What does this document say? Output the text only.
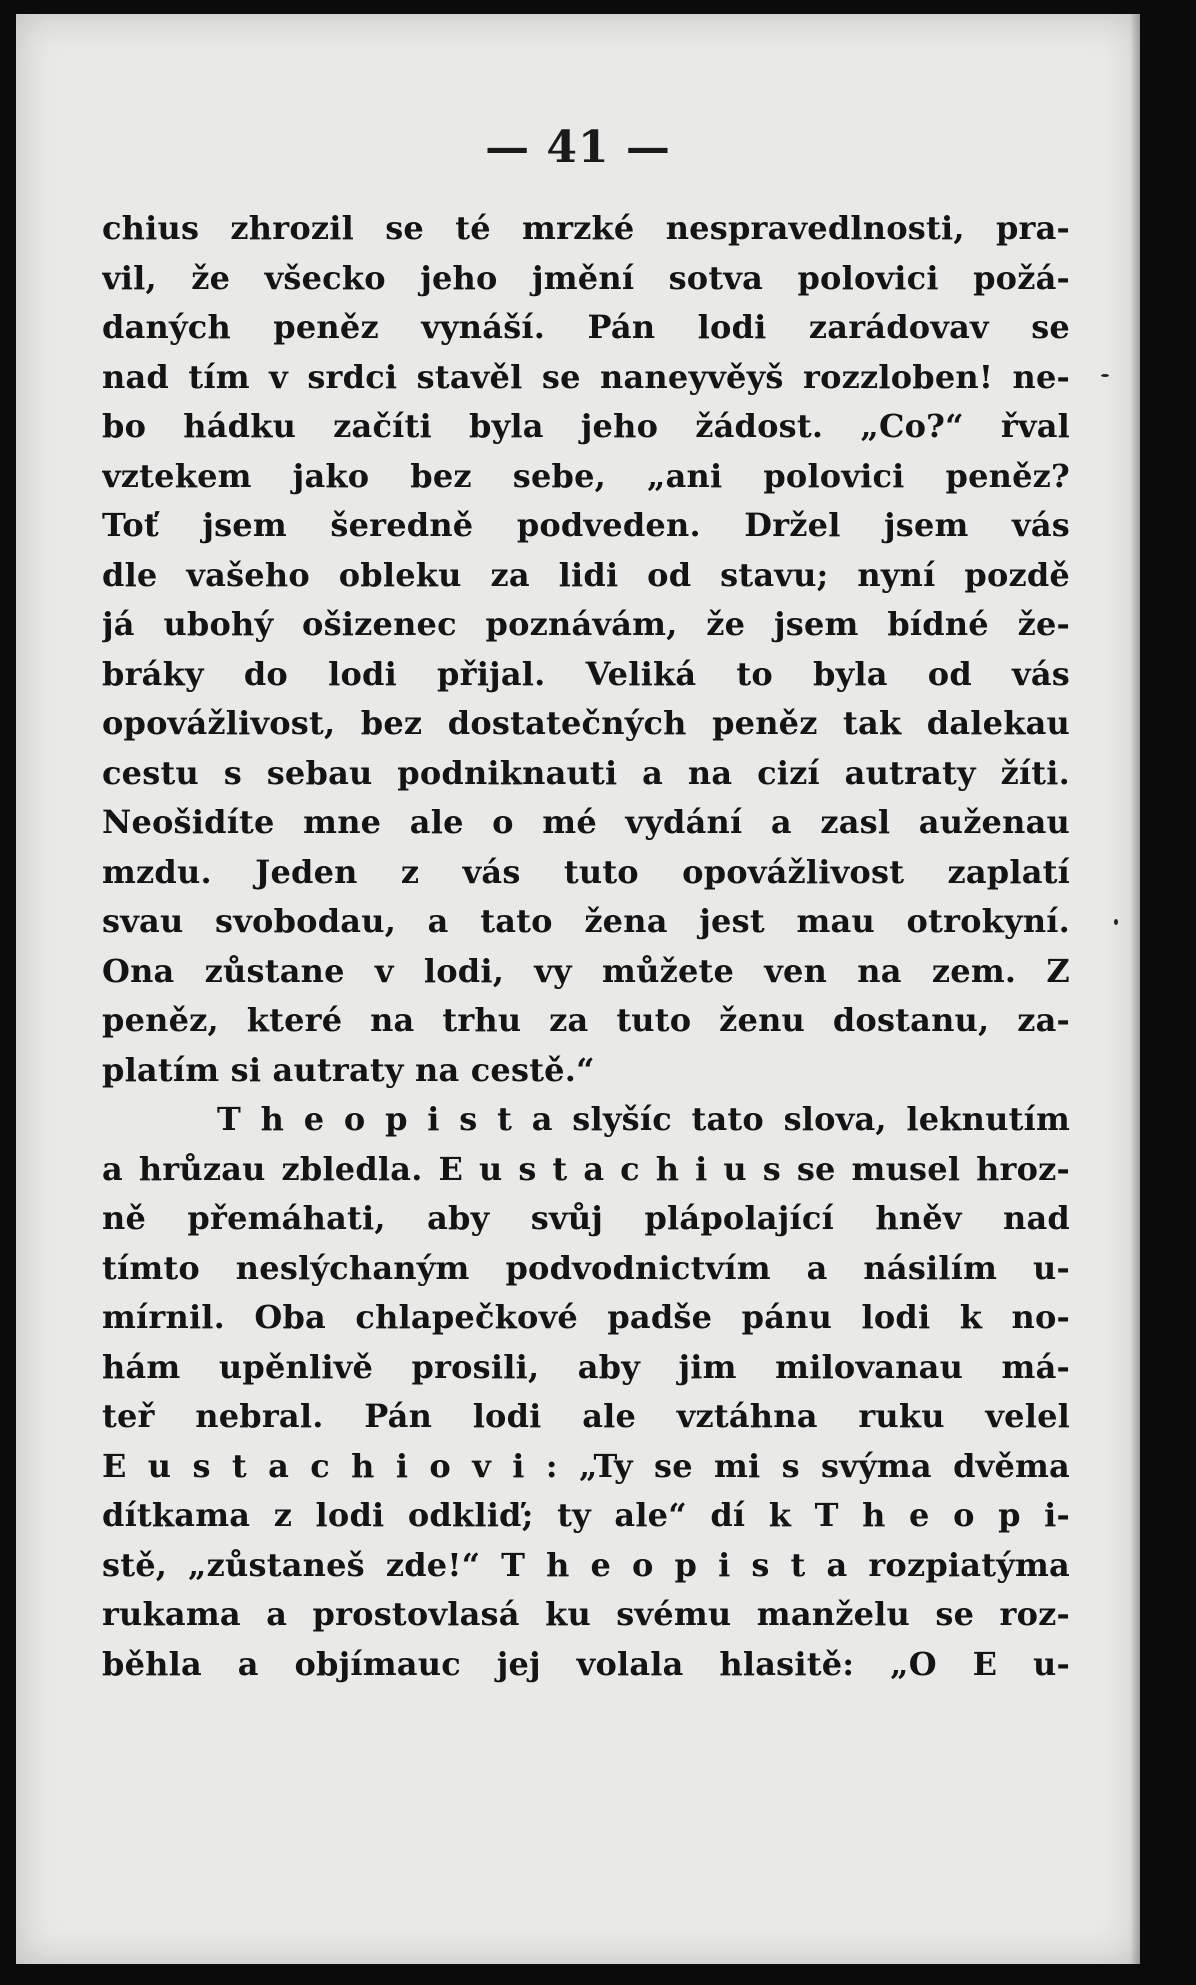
— 41 —
chius zhrozil se té mrzké nespravedlnosti, pra-
vil, že všecko jeho jmění sotva polovici požá-
daných peněz vynáší. Pán lodi zarádovav se
nad tím v srdci stavěl se naneyvěyš rozzloben! ne-
bo hádku začíti byla jeho žádost. „Co?“ řval
vztekem jako bez sebe, „ani polovici peněz?
Toť jsem šeredně podveden. Držel jsem vás
dle vašeho obleku za lidi od stavu; nyní pozdě
já ubohý ošizenec poznávám, že jsem bídné že-
bráky do lodi přijal. Veliká to byla od vás
opovážlivost, bez dostatečných peněz tak dalekau
cestu s sebau podniknauti a na cizí autraty žíti.
Neošidíte mne ale o mé vydání a zasl auženau
mzdu. Jeden z vás tuto opovážlivost zaplatí
svau svobodau, a tato žena jest mau otrokyní.
Ona zůstane v lodi, vy můžete ven na zem. Z
peněz, které na trhu za tuto ženu dostanu, za-
platím si autraty na cestě.“
T h e o p i s t a slyšíc tato slova, leknutím
a hrůzau zbledla. E u s t a c h i u s se musel hroz-
ně přemáhati, aby svůj plápolající hněv nad
tímto neslýchaným podvodnictvím a násilím u-
mírnil. Oba chlapečkové padše pánu lodi k no-
hám upěnlivě prosili, aby jim milovanau má-
teř nebral. Pán lodi ale vztáhna ruku velel
E u s t a c h i o v i : „Ty se mi s svýma dvěma
dítkama z lodi odkliď; ty ale“ dí k T h e o p i-
stě, „zůstaneš zde!“ T h e o p i s t a rozpiatýma
rukama a prostovlasá ku svému manželu se roz-
běhla a objímauc jej volala hlasitě: „O E u-
